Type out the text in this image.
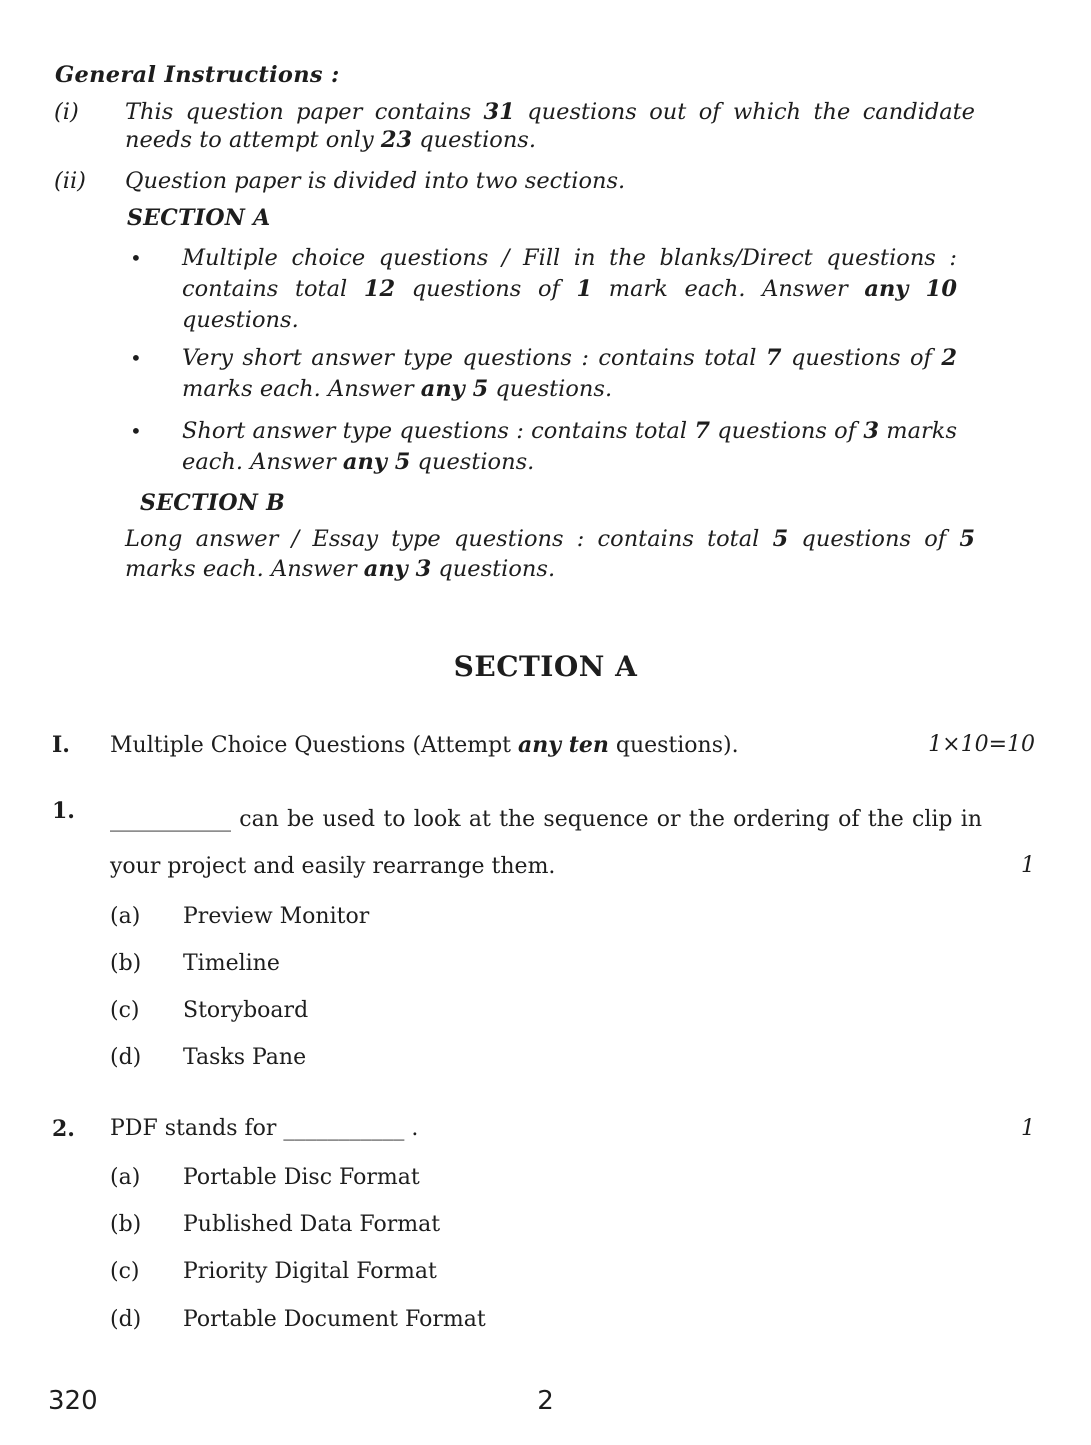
General Instructions :
(i) This question paper contains 31 questions out of which the candidate needs to attempt only 23 questions.

(ii) Question paper is divided into two sections.

SECTION A
• Multiple choice questions / Fill in the blanks/Direct questions : contains total 12 questions of 1 mark each. Answer any 10 questions.

• Very short answer type questions : contains total 7 questions of 2 marks each. Answer any 5 questions.

• Short answer type questions : contains total 7 questions of 3 marks each. Answer any 5 questions.

SECTION B

Long answer / Essay type questions : contains total 5 questions of 5 marks each. Answer any 3 questions.

SECTION A
I. Multiple Choice Questions (Attempt any ten questions).	1×10=10
1. ___________ can be used to look at the sequence or the ordering of the clip in your project and easily rearrange them.	1
(a) Preview Monitor
(b) Timeline
(c) Storyboard
(d) Tasks Pane
2. PDF stands for ___________ .	1
(a) Portable Disc Format
(b) Published Data Format
(c) Priority Digital Format
(d) Portable Document Format
320	2
